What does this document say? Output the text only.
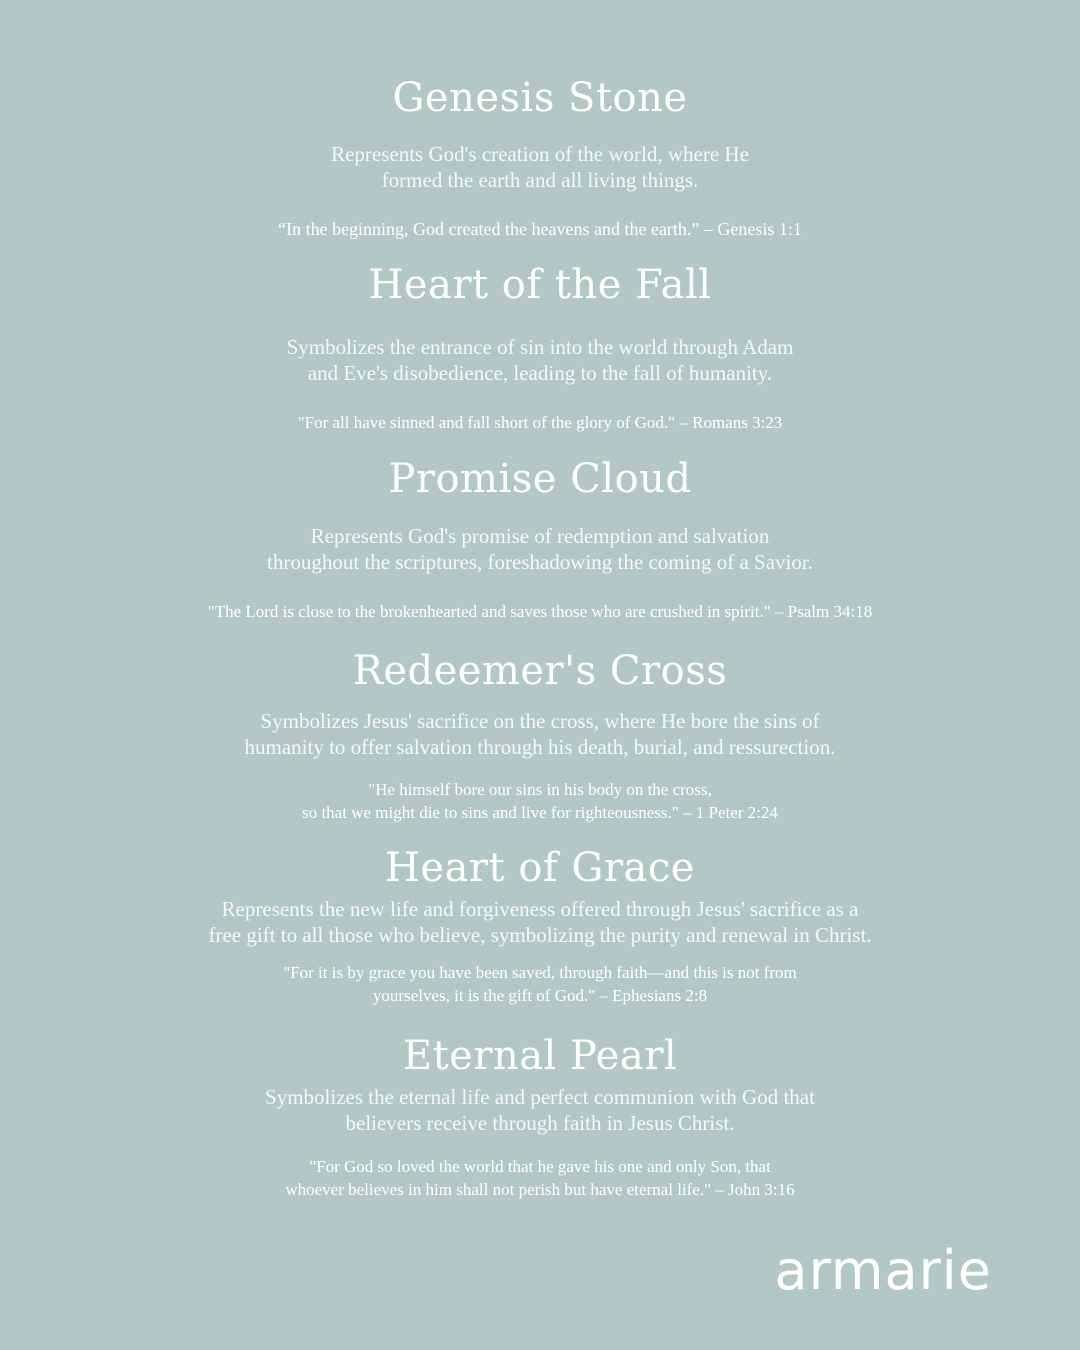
Genesis Stone

Represents God's creation of the world, where He
formed the earth and all living things.

“In the beginning, God created the heavens and the earth.” – Genesis 1:1

Heart of the Fall

Symbolizes the entrance of sin into the world through Adam
and Eve's disobedience, leading to the fall of humanity.

"For all have sinned and fall short of the glory of God." – Romans 3:23

Promise Cloud

Represents God's promise of redemption and salvation
throughout the scriptures, foreshadowing the coming of a Savior.

"The Lord is close to the brokenhearted and saves those who are crushed in spirit." – Psalm 34:18

Redeemer's Cross

Symbolizes Jesus' sacrifice on the cross, where He bore the sins of
humanity to offer salvation through his death, burial, and ressurection.

"He himself bore our sins in his body on the cross,
so that we might die to sins and live for righteousness." – 1 Peter 2:24

Heart of Grace

Represents the new life and forgiveness offered through Jesus' sacrifice as a
free gift to all those who believe, symbolizing the purity and renewal in Christ.

"For it is by grace you have been saved, through faith—and this is not from
yourselves, it is the gift of God." – Ephesians 2:8

Eternal Pearl

Symbolizes the eternal life and perfect communion with God that
believers receive through faith in Jesus Christ.

"For God so loved the world that he gave his one and only Son, that
whoever believes in him shall not perish but have eternal life." – John 3:16

armarie
